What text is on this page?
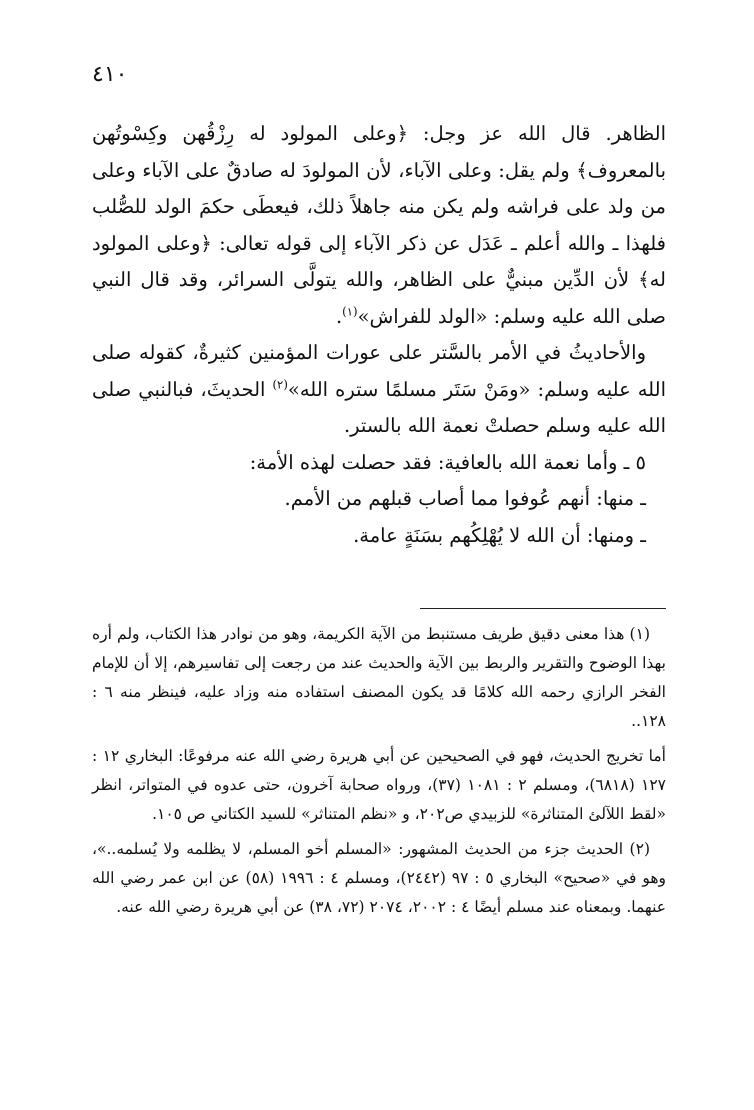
٤١٠

الظاهر. قال الله عز وجل: ﴿وعلى المولود له رِزْقُهن وكِسْوتُهن بالمعروف﴾ ولم يقل: وعلى الآباء، لأن المولودَ له صادقٌ على الآباء وعلى من ولد على فراشه ولم يكن منه جاهلاً ذلك، فيعطَى حكمَ الولد للصُّلب فلهذا ـ والله أعلم ـ عَدَل عن ذكر الآباء إلى قوله تعالى: ﴿وعلى المولود له﴾ لأن الدِّين مبنيٌّ على الظاهر، والله يتولَّى السرائر، وقد قال النبي صلى الله عليه وسلم: «الولد للفراش»$^{(١)}$.

والأحاديثُ في الأمر بالسَّتر على عورات المؤمنين كثيرةٌ، كقوله صلى الله عليه وسلم: «ومَنْ سَتَر مسلمًا ستره الله»$^{(٢)}$ الحديثَ، فبالنبي صلى الله عليه وسلم حصلتْ نعمة الله بالستر.

٥ ـ وأما نعمة الله بالعافية: فقد حصلت لهذه الأمة:

ـ منها: أنهم عُوفوا مما أصاب قبلهم من الأمم.

ـ ومنها: أن الله لا يُهْلِكُهم بسَنَةٍ عامة.

(١) هذا معنى دقيق طريف مستنبط من الآية الكريمة، وهو من نوادر هذا الكتاب، ولم أره بهذا الوضوح والتقرير والربط بين الآية والحديث عند من رجعت إلى تفاسيرهم، إلا أن للإمام الفخر الرازي رحمه الله كلامًا قد يكون المصنف استفاده منه وزاد عليه، فينظر منه ٦ : ١٢٨..

أما تخريج الحديث، فهو في الصحيحين عن أبي هريرة رضي الله عنه مرفوعًا: البخاري ١٢ : ١٢٧ (٦٨١٨)، ومسلم ٢ : ١٠٨١ (٣٧)، ورواه صحابة آخرون، حتى عدوه في المتواتر، انظر «لقط اللآلئ المتناثرة» للزبيدي ص٢٠٢، و «نظم المتناثر» للسيد الكتاني ص ١٠٥.

(٢) الحديث جزء من الحديث المشهور: «المسلم أخو المسلم، لا يظلمه ولا يُسلمه..»، وهو في «صحيح» البخاري ٥ : ٩٧ (٢٤٤٢)، ومسلم ٤ : ١٩٩٦ (٥٨) عن ابن عمر رضي الله عنهما. وبمعناه عند مسلم أيضًا ٤ : ٢٠٠٢، ٢٠٧٤ (٧٢، ٣٨) عن أبي هريرة رضي الله عنه.
